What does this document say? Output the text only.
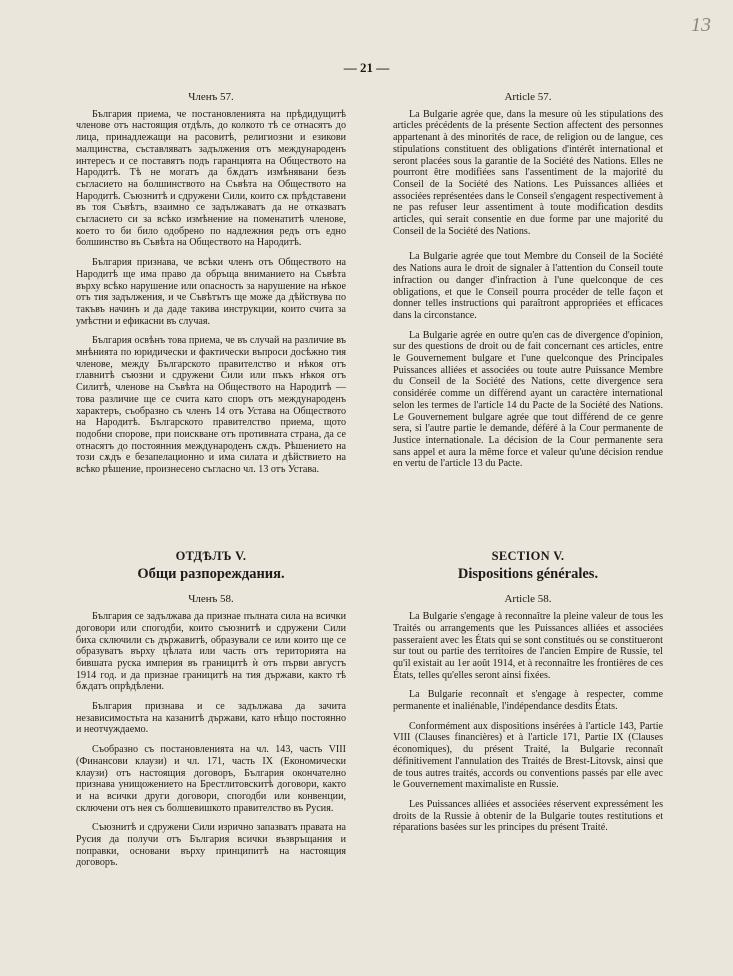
13
— 21 —
Членъ 57.

България приема, че постановленията на прѣдидущитѣ членове отъ настоящия отдѣлъ, до колкото тѣ се отнасятъ до лица, принадлежащи на расовитѣ, религиозни и езикови малцинства, съставляватъ задължения отъ международенъ интересъ и се поставятъ подъ гаранцията на Обществото на Народитѣ. Тѣ не могатъ да бѫдатъ измѣнявани безъ съгласието на болшинството на Съвѣта на Обществото на Народитѣ. Съюзнитѣ и сдружени Сили, които сѫ прѣдставени въ тоя Съвѣтъ, взаимно се задължаватъ да не отказватъ съгласието си за всѣко измѣнение на поменатитѣ членове, което то би било одобрено по надлежния редъ отъ едно болшинство въ Съвѣта на Обществото на Народитѣ.

България признава, че всѣки членъ отъ Обществото на Народитѣ ще има право да обръща вниманието на Съвѣта върху всѣко нарушение или опасность за нарушение на нѣкое отъ тия задължения, и че Съвѣтътъ ще може да дѣйствува по такъвъ начинъ и да даде такива инструкции, които счита за умѣстни и ефикасни въ случая.

България освѣнъ това приема, че въ случай на различие въ мнѣнията по юридически и фактически въпроси досѣжно тия членове, между Българското правителство и нѣкоя отъ главнитѣ съюзни и сдружени Сили или пъкъ нѣкоя отъ Силитѣ, членове на Съвѣта на Обществото на Народитѣ — това различие ще се счита като споръ отъ международенъ характеръ, съобразно съ членъ 14 отъ Устава на Обществото на Народитѣ. Българското правителство приема, щото подобни спорове, при поискване отъ противната страна, да се отнасятъ до постоянния международенъ сѫдъ. Рѣшението на този сѫдъ е безапелационно и има силата и дѣйствието на всѣко рѣшение, произнесено съгласно чл. 13 отъ Устава.

ОТДѢЛЪ V.
Общи разпореждания.
Членъ 58.

България се задължава да признае пълната сила на всички договори или спогодби, които съюзнитѣ и сдружени Сили биха сключили съ държавитѣ, образували се или които ще се образуватъ върху цѣлата или часть отъ територията на бившата руска империя въ границитѣ ѝ отъ първи августъ 1914 год. и да признае границитѣ на тия държави, както тѣ бѫдатъ опрѣдѣлени.

България признава и се задължава да зачита независимостьта на казанитѣ държави, като нѣщо постоянно и неотчуждаемо.

Съобразно съ постановленията на чл. 143, часть VIII (Финансови клаузи) и чл. 171, часть IX (Економически клаузи) отъ настоящия договоръ, България окончателно признава унищожението на Брестлитовскитѣ договори, както и на всички други договори, спогодби или конвенции, сключени отъ нея съ болшевишкото правителство въ Русия.

Съюзнитѣ и сдружени Сили изрично запазватъ правата на Русия да получи отъ България всички възвръщания и поправки, основани върху принципитѣ на настоящия договоръ.

Article 57.

La Bulgarie agrée que, dans la mesure où les stipulations des articles précédents de la présente Section affectent des personnes appartenant à des minorités de race, de religion ou de langue, ces stipulations constituent des obligations d'intérêt international et seront placées sous la garantie de la Société des Nations. Elles ne pourront être modifiées sans l'assentiment de la majorité du Conseil de la Société des Nations. Les Puissances alliées et associées représentées dans le Conseil s'engagent respectivement à ne pas refuser leur assentiment à toute modification desdits articles, qui serait consentie en due forme par une majorité du Conseil de la Société des Nations.

La Bulgarie agrée que tout Membre du Conseil de la Société des Nations aura le droit de signaler à l'attention du Conseil toute infraction ou danger d'infraction à l'une quelconque de ces obligations, et que le Conseil pourra procéder de telle façon et donner telles instructions qui paraîtront appropriées et efficaces dans la circonstance.

La Bulgarie agrée en outre qu'en cas de divergence d'opinion, sur des questions de droit ou de fait concernant ces articles, entre le Gouvernement bulgare et l'une quelconque des Principales Puissances alliées et associées ou toute autre Puissance Membre du Conseil de la Société des Nations, cette divergence sera considérée comme un différend ayant un caractère international selon les termes de l'article 14 du Pacte de la Société des Nations. Le Gouvernement bulgare agrée que tout différend de ce genre sera, si l'autre partie le demande, déféré à la Cour permanente de Justice internationale. La décision de la Cour permanente sera sans appel et aura la même force et valeur qu'une décision rendue en vertu de l'article 13 du Pacte.

SECTION V.
Dispositions générales.
Article 58.

La Bulgarie s'engage à reconnaître la pleine valeur de tous les Traités ou arrangements que les Puissances alliées et associées passeraient avec les États qui se sont constitués ou se constitueront sur tout ou partie des territoires de l'ancien Empire de Russie, tel qu'il existait au 1er août 1914, et à reconnaître les frontières de ces États, telles qu'elles seront ainsi fixées.

La Bulgarie reconnaît et s'engage à respecter, comme permanente et inaliénable, l'indépendance desdits États.

Conformément aux dispositions insérées à l'article 143, Partie VIII (Clauses financières) et à l'article 171, Partie IX (Clauses économiques), du présent Traité, la Bulgarie reconnaît définitivement l'annulation des Traités de Brest-Litovsk, ainsi que de tous autres traités, accords ou conventions passés par elle avec le Gouvernement maximaliste en Russie.

Les Puissances alliées et associées réservent expressément les droits de la Russie à obtenir de la Bulgarie toutes restitutions et réparations basées sur les principes du présent Traité.
